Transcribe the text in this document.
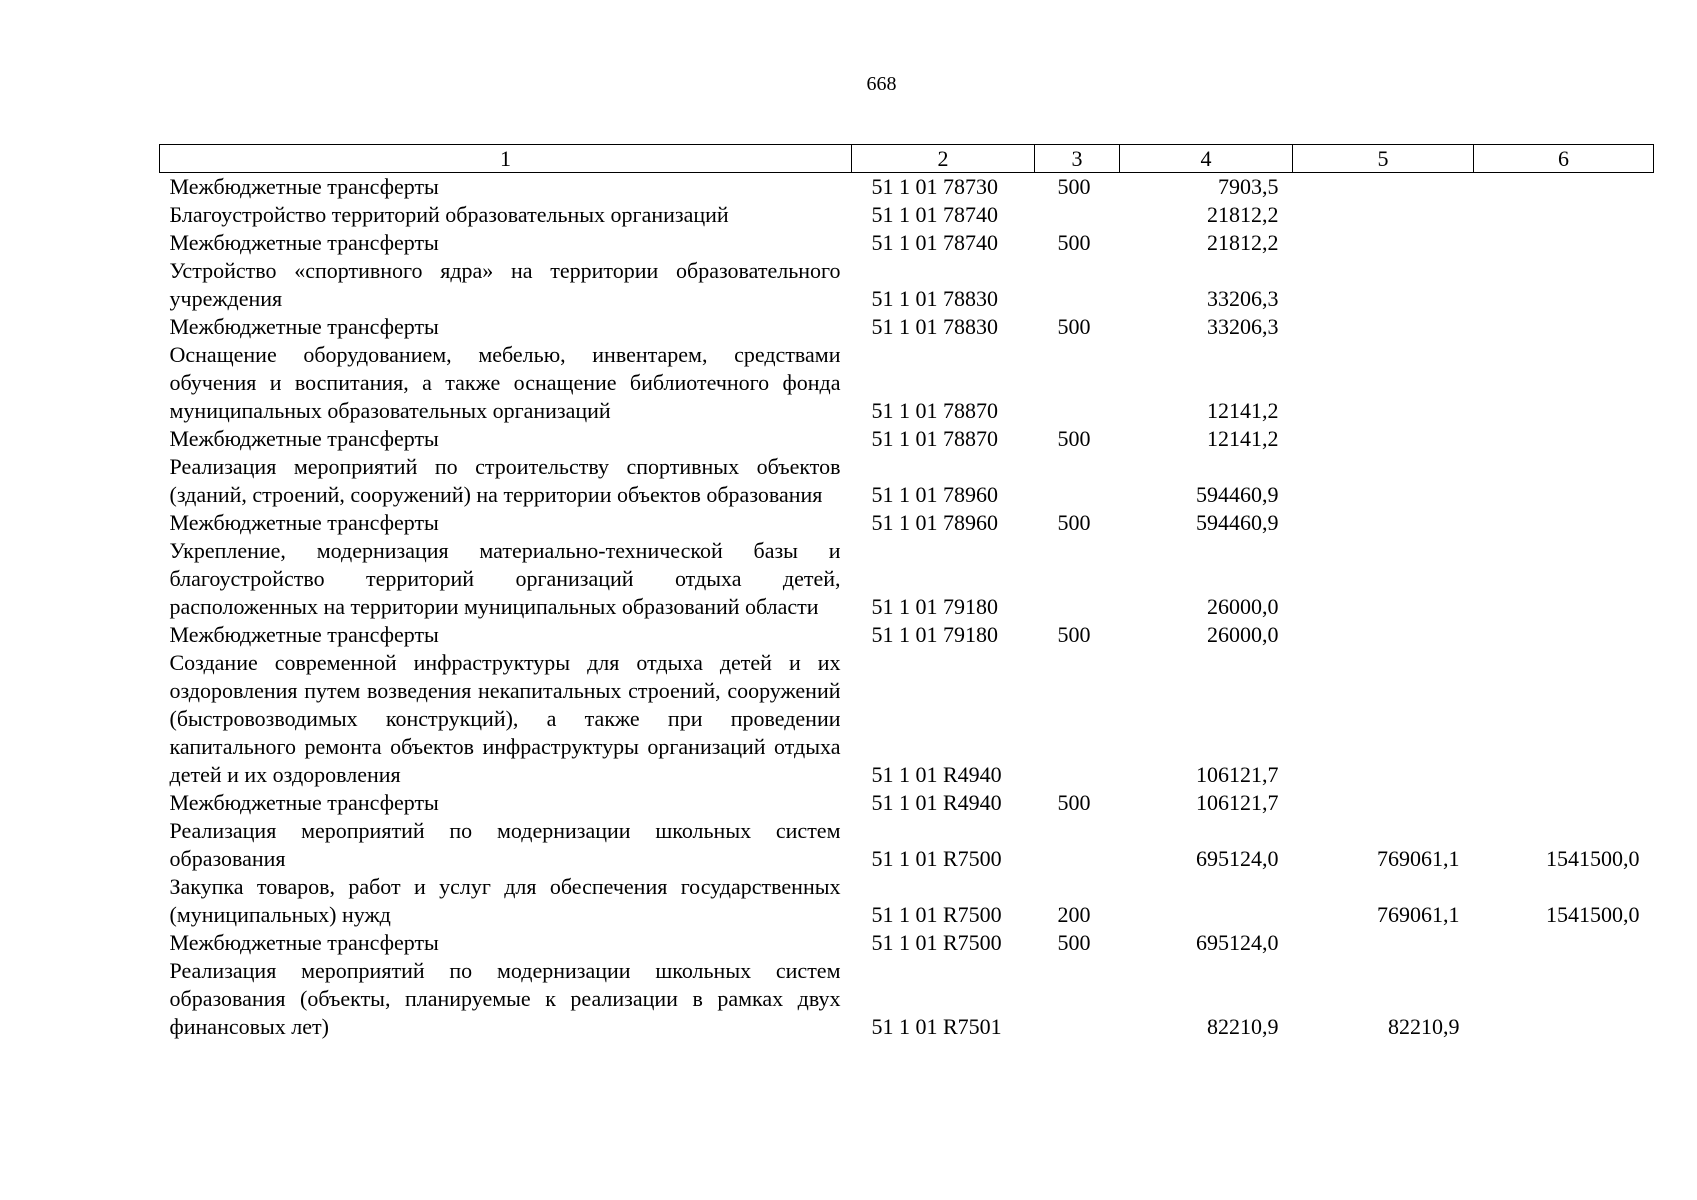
668
1	2	3	4	5	6
Межбюджетные трансферты	51 1 01 78730	500	7903,5		
Благоустройство территорий образовательных организаций	51 1 01 78740		21812,2		
Межбюджетные трансферты	51 1 01 78740	500	21812,2		
Устройство «спортивного ядра» на территории образовательного учреждения	51 1 01 78830		33206,3		
Межбюджетные трансферты	51 1 01 78830	500	33206,3		
Оснащение оборудованием, мебелью, инвентарем, средствами обучения и воспитания, а также оснащение библиотечного фонда муниципальных образовательных организаций	51 1 01 78870		12141,2		
Межбюджетные трансферты	51 1 01 78870	500	12141,2		
Реализация мероприятий по строительству спортивных объектов (зданий, строений, сооружений) на территории объектов образования	51 1 01 78960		594460,9		
Межбюджетные трансферты	51 1 01 78960	500	594460,9		
Укрепление, модернизация материально-технической базы и благоустройство территорий организаций отдыха детей, расположенных на территории муниципальных образований области	51 1 01 79180		26000,0		
Межбюджетные трансферты	51 1 01 79180	500	26000,0		
Создание современной инфраструктуры для отдыха детей и их оздоровления путем возведения некапитальных строений, сооружений (быстровозводимых конструкций), а также при проведении капитального ремонта объектов инфраструктуры организаций отдыха детей и их оздоровления	51 1 01 R4940		106121,7		
Межбюджетные трансферты	51 1 01 R4940	500	106121,7		
Реализация мероприятий по модернизации школьных систем образования	51 1 01 R7500		695124,0	769061,1	1541500,0
Закупка товаров, работ и услуг для обеспечения государственных (муниципальных) нужд	51 1 01 R7500	200		769061,1	1541500,0
Межбюджетные трансферты	51 1 01 R7500	500	695124,0		
Реализация мероприятий по модернизации школьных систем образования (объекты, планируемые к реализации в рамках двух финансовых лет)	51 1 01 R7501		82210,9	82210,9	
